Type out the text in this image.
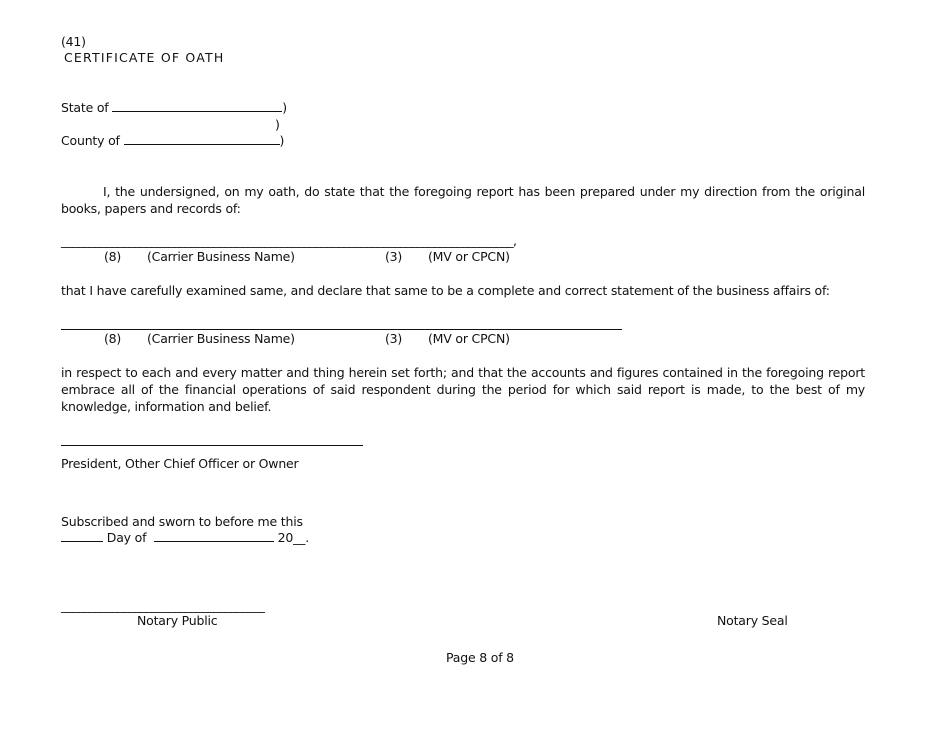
(41)
CERTIFICATE OF OATH
State of	)
)
County of	)
I, the undersigned, on my oath, do state that the foregoing report has been prepared under my direction from the original books, papers and records of:
________________________________________________________________________________,
(8) (Carrier Business Name)	(3) (MV or CPCN)
that I have carefully examined same, and declare that same to be a complete and correct statement of the business affairs of:
(8) (Carrier Business Name)	(3) (MV or CPCN)
in respect to each and every matter and thing herein set forth; and that the accounts and figures contained in the foregoing report embrace all of the financial operations of said respondent during the period for which said report is made, to the best of my knowledge, information and belief.
President, Other Chief Officer or Owner
Subscribed and sworn to before me this
Day of	20__.
____________________________________
Notary Public	Notary Seal
Page 8 of 8
